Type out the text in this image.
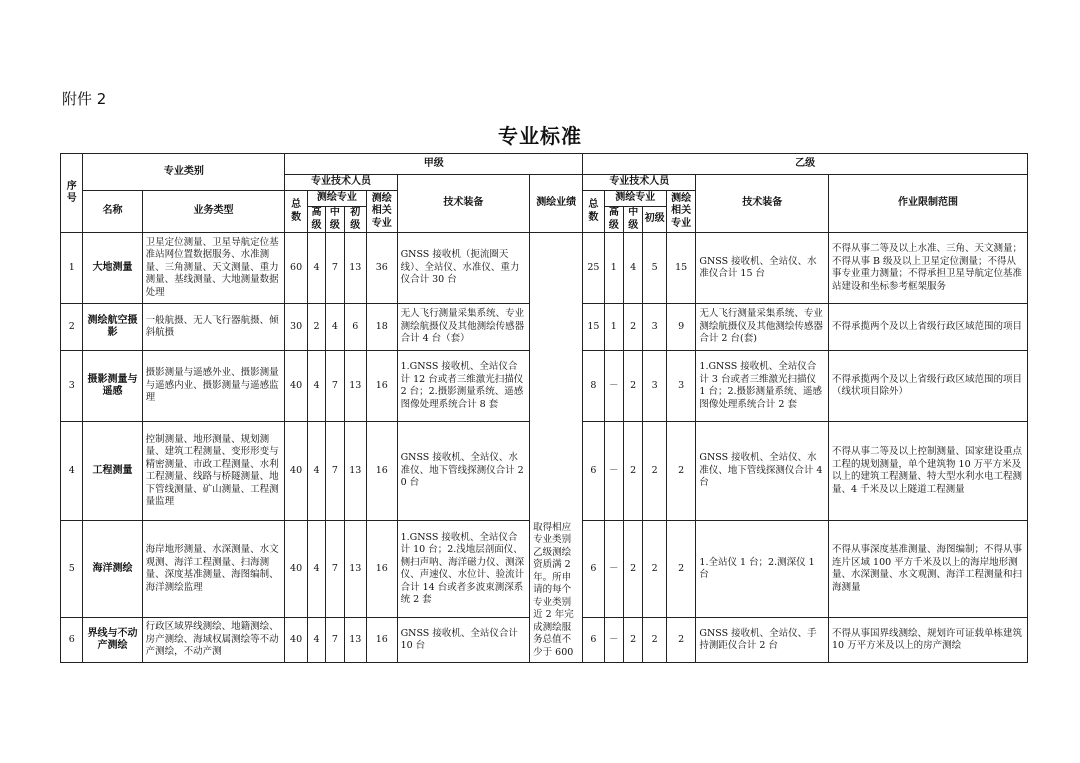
附件 2
专业标准
序号	专业类别		甲级							乙级						
			专业技术人员					技术装备	测绘业绩	专业技术人员					技术装备	作业限制范围
	名称	业务类型	总数	测绘专业			测绘相关专业			总数	测绘专业			测绘相关专业		
				高级	中级	初级					高级	中级	初级			
1	大地测量	卫星定位测量、卫星导航定位基准站网位置数据服务、水准测量、三角测量、天文测量、重力测量、基线测量、大地测量数据处理	60	4	7	13	36	GNSS 接收机（扼流圈天线）、全站仪、水准仪、重力仪合计 30 台	取得相应专业类别乙级测绘资质满 2 年。所申请的每个专业类别近 2 年完成测绘服务总值不少于 600	25	1	4	5	15	GNSS 接收机、全站仪、水准仪合计 15 台	不得从事二等及以上水准、三角、天文测量；不得从事 B 级及以上卫星定位测量；不得从事专业重力测量；不得承担卫星导航定位基准站建设和坐标参考框架服务
2	测绘航空摄影	一般航摄、无人飞行器航摄、倾斜航摄	30	2	4	6	18	无人飞行测量采集系统、专业测绘航摄仪及其他测绘传感器合计 4 台（套）		15	1	2	3	9	无人飞行测量采集系统、专业测绘航摄仪及其他测绘传感器合计 2 台(套)	不得承揽两个及以上省级行政区域范围的项目
3	摄影测量与遥感	摄影测量与遥感外业、摄影测量与遥感内业、摄影测量与遥感监理	40	4	7	13	16	1.GNSS 接收机、全站仪合计 12 台或者三维激光扫描仪 2 台；2.摄影测量系统、遥感图像处理系统合计 8 套		8	－	2	3	3	1.GNSS 接收机、全站仪合计 3 台或者三维激光扫描仪 1 台；2.摄影测量系统、遥感图像处理系统合计 2 套	不得承揽两个及以上省级行政区域范围的项目（线状项目除外）
4	工程测量	控制测量、地形测量、规划测量、建筑工程测量、变形形变与精密测量、市政工程测量、水利工程测量、线路与桥隧测量、地下管线测量、矿山测量、工程测量监理	40	4	7	13	16	GNSS 接收机、全站仪、水准仪、地下管线探测仪合计 20 台		6	－	2	2	2	GNSS 接收机、全站仪、水准仪、地下管线探测仪合计 4 台	不得从事二等及以上控制测量、国家建设重点工程的规划测量，单个建筑物 10 万平方米及以上的建筑工程测量、特大型水利水电工程测量、4 千米及以上隧道工程测量
5	海洋测绘	海岸地形测量、水深测量、水文观测、海洋工程测量、扫海测量、深度基准测量、海图编制、海洋测绘监理	40	4	7	13	16	1.GNSS 接收机、全站仪合计 10 台；2.浅地层剖面仪、侧扫声呐、海洋磁力仪、测深仪、声速仪、水位计、验流计合计 14 台或者多波束测深系统 2 套		6	－	2	2	2	1.全站仪 1 台；2.测深仪 1 台	不得从事深度基准测量、海图编制；不得从事连片区域 100 平方千米及以上的海岸地形测量、水深测量、水文观测、海洋工程测量和扫海测量
6	界线与不动产测绘	行政区域界线测绘、地籍测绘、房产测绘、海域权属测绘等不动产测绘，不动产测	40	4	7	13	16	GNSS 接收机、全站仪合计 10 台		6	－	2	2	2	GNSS 接收机、全站仪、手持测距仪合计 2 台	不得从事国界线测绘、规划许可证载单栋建筑 10 万平方米及以上的房产测绘
